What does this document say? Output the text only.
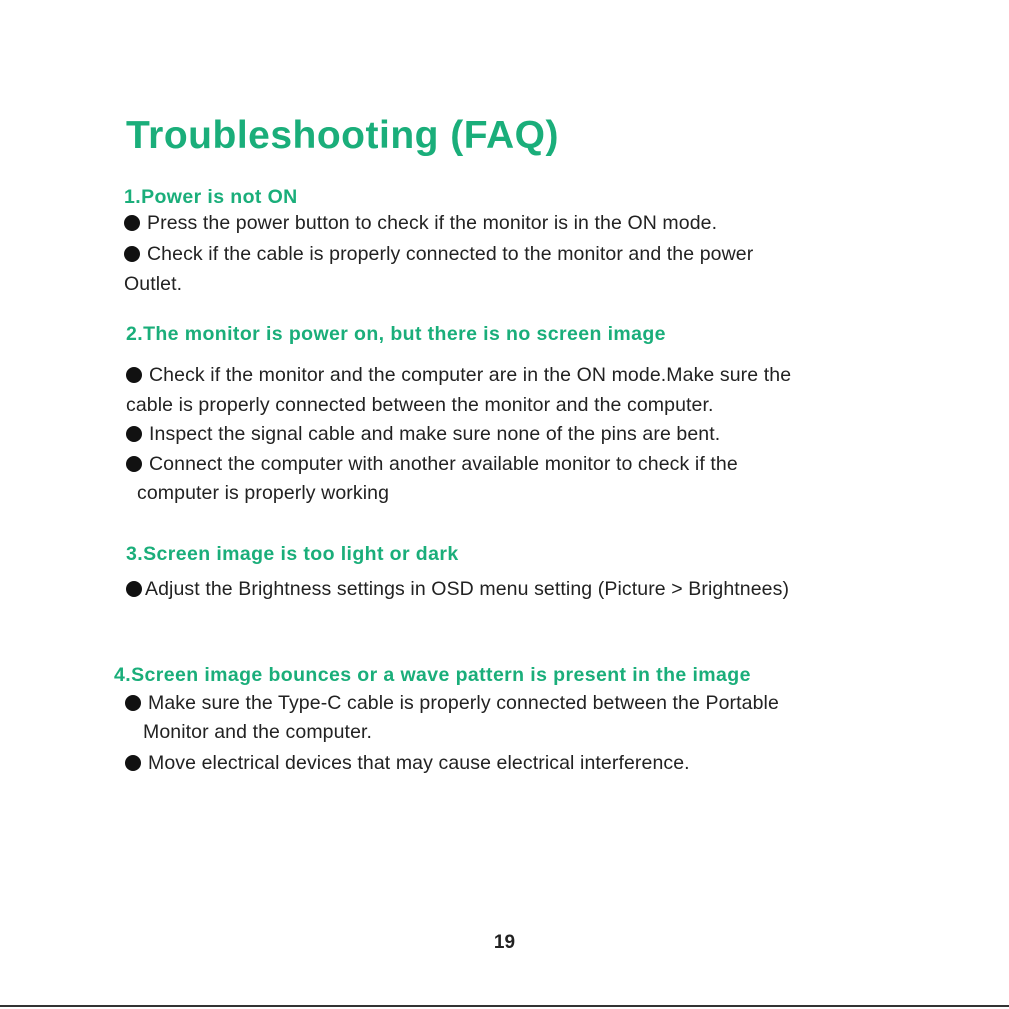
Troubleshooting (FAQ)
1.Power is not ON
Press the power button to check if the monitor is in the ON mode.
Check if the cable is properly connected to the monitor and the power
Outlet.
2.The monitor is power on, but there is no screen image
Check if the monitor and the computer are in the ON mode.Make sure the
cable is properly connected between the monitor and the computer.
Inspect the signal cable and make sure none of the pins are bent.
Connect the computer with another available monitor to check if the
computer is properly working
3.Screen image is too light or dark
Adjust the Brightness settings in OSD menu setting (Picture > Brightnees)
4.Screen image bounces or a wave pattern is present in the image
Make sure the Type-C cable is properly connected between the Portable
Monitor and the computer.
Move electrical devices that may cause electrical interference.
19
